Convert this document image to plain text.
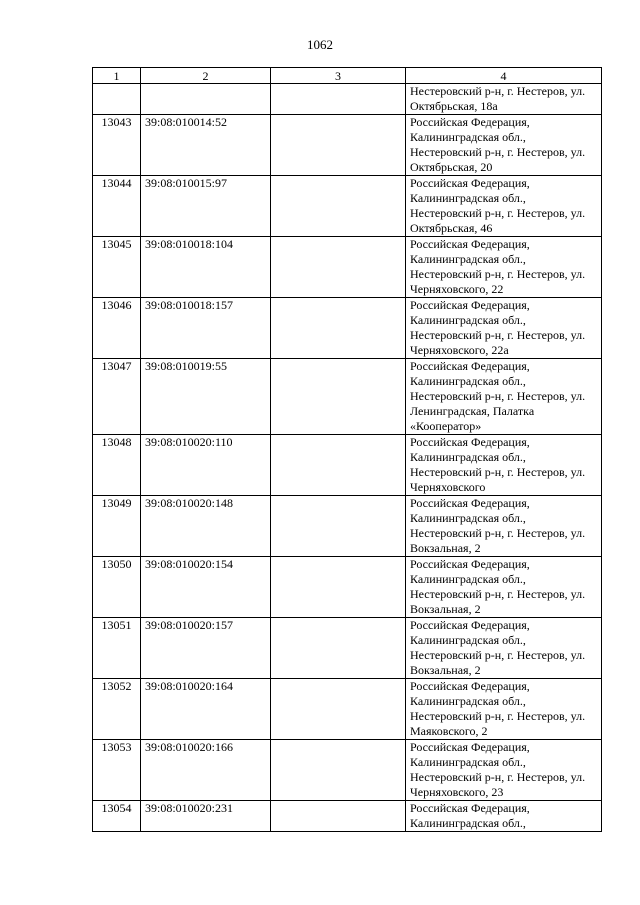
1062
1	2	3	4

			Нестеровский р-н, г. Нестеров, ул.
Октябрьская, 18а

13043	39:08:010014:52		Российская Федерация,
Калининградская обл.,
Нестеровский р-н, г. Нестеров, ул.
Октябрьская, 20

13044	39:08:010015:97		Российская Федерация,
Калининградская обл.,
Нестеровский р-н, г. Нестеров, ул.
Октябрьская, 46

13045	39:08:010018:104		Российская Федерация,
Калининградская обл.,
Нестеровский р-н, г. Нестеров, ул.
Черняховского, 22

13046	39:08:010018:157		Российская Федерация,
Калининградская обл.,
Нестеровский р-н, г. Нестеров, ул.
Черняховского, 22а

13047	39:08:010019:55		Российская Федерация,
Калининградская обл.,
Нестеровский р-н, г. Нестеров, ул.
Ленинградская, Палатка
«Кооператор»

13048	39:08:010020:110		Российская Федерация,
Калининградская обл.,
Нестеровский р-н, г. Нестеров, ул.
Черняховского

13049	39:08:010020:148		Российская Федерация,
Калининградская обл.,
Нестеровский р-н, г. Нестеров, ул.
Вокзальная, 2

13050	39:08:010020:154		Российская Федерация,
Калининградская обл.,
Нестеровский р-н, г. Нестеров, ул.
Вокзальная, 2

13051	39:08:010020:157		Российская Федерация,
Калининградская обл.,
Нестеровский р-н, г. Нестеров, ул.
Вокзальная, 2

13052	39:08:010020:164		Российская Федерация,
Калининградская обл.,
Нестеровский р-н, г. Нестеров, ул.
Маяковского, 2

13053	39:08:010020:166		Российская Федерация,
Калининградская обл.,
Нестеровский р-н, г. Нестеров, ул.
Черняховского, 23

13054	39:08:010020:231		Российская Федерация,
Калининградская обл.,
